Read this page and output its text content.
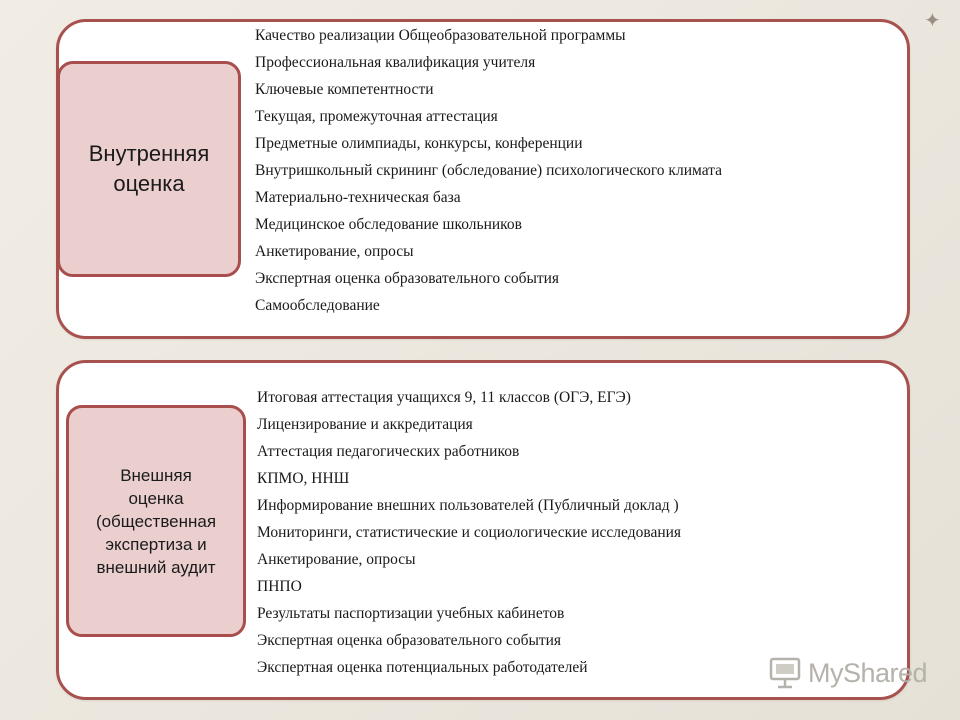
✦
Внутренняя
оценка
Качество реализации Общеобразовательной программы
Профессиональная квалификация учителя
Ключевые компетентности
Текущая, промежуточная аттестация
Предметные олимпиады, конкурсы, конференции
Внутришкольный скрининг (обследование) психологического климата
Материально-техническая база
Медицинское обследование школьников
Анкетирование, опросы
Экспертная оценка образовательного события
Самообследование
Внешняя
оценка
(общественная
экспертиза и
внешний аудит
Итоговая аттестация учащихся 9, 11 классов (ОГЭ, ЕГЭ)
Лицензирование и аккредитация
Аттестация педагогических работников
КПМО, ННШ
Информирование внешних пользователей (Публичный доклад )
Мониторинги, статистические и социологические исследования
Анкетирование, опросы
ПНПО
Результаты паспортизации учебных кабинетов
Экспертная оценка образовательного события
Экспертная оценка потенциальных работодателей	MyShared
